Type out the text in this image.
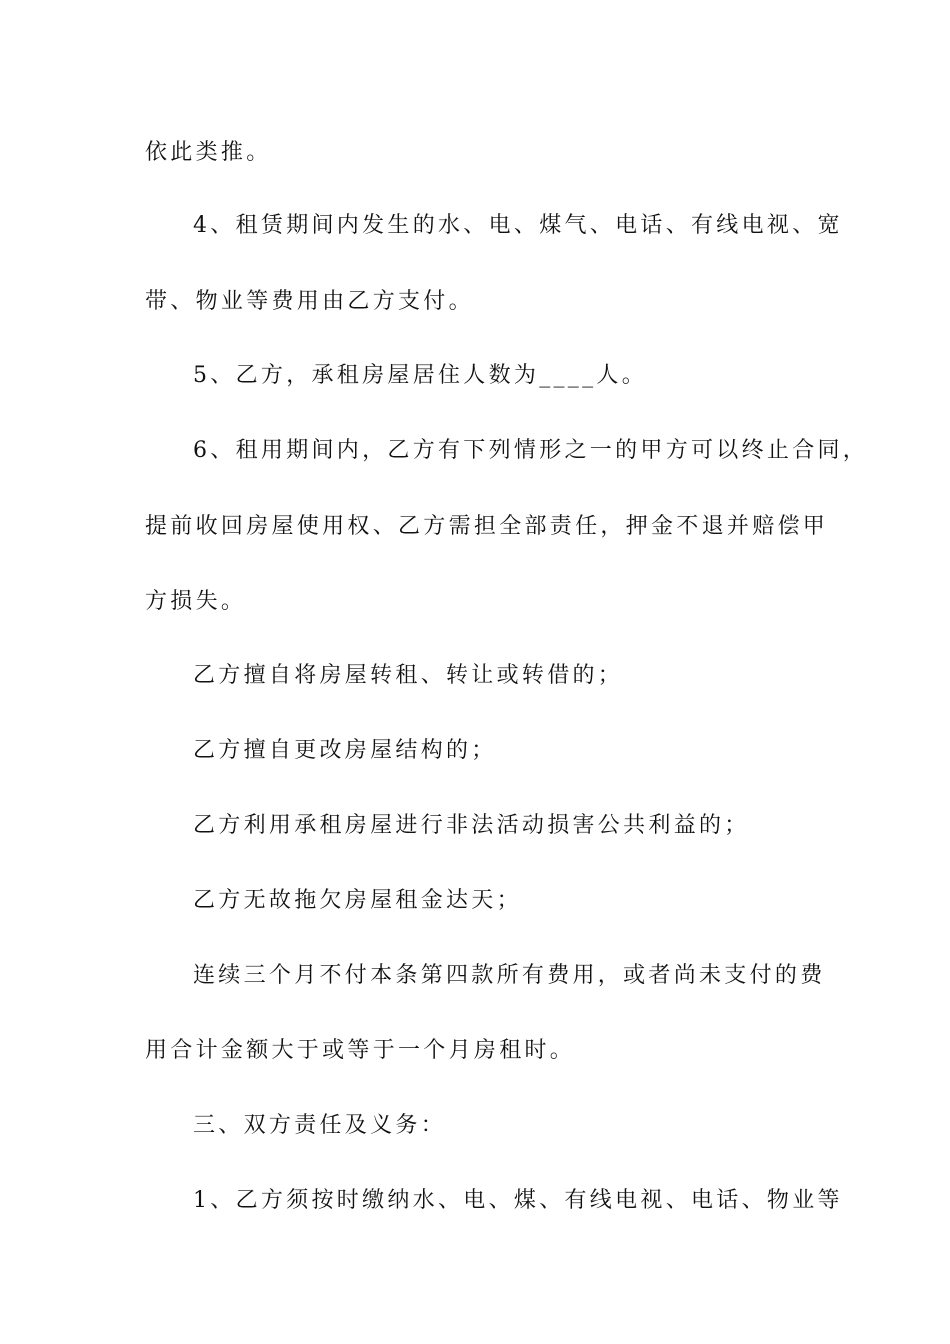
依此类推。
4、租赁期间内发生的水、电、煤气、电话、有线电视、宽
带、物业等费用由乙方支付。
5、乙方，承租房屋居住人数为____人。
6、租用期间内，乙方有下列情形之一的甲方可以终止合同，
提前收回房屋使用权、乙方需担全部责任，押金不退并赔偿甲
方损失。
乙方擅自将房屋转租、转让或转借的；
乙方擅自更改房屋结构的；
乙方利用承租房屋进行非法活动损害公共利益的；
乙方无故拖欠房屋租金达天；
连续三个月不付本条第四款所有费用，或者尚未支付的费
用合计金额大于或等于一个月房租时。
三、双方责任及义务：
1、乙方须按时缴纳水、电、煤、有线电视、电话、物业等
